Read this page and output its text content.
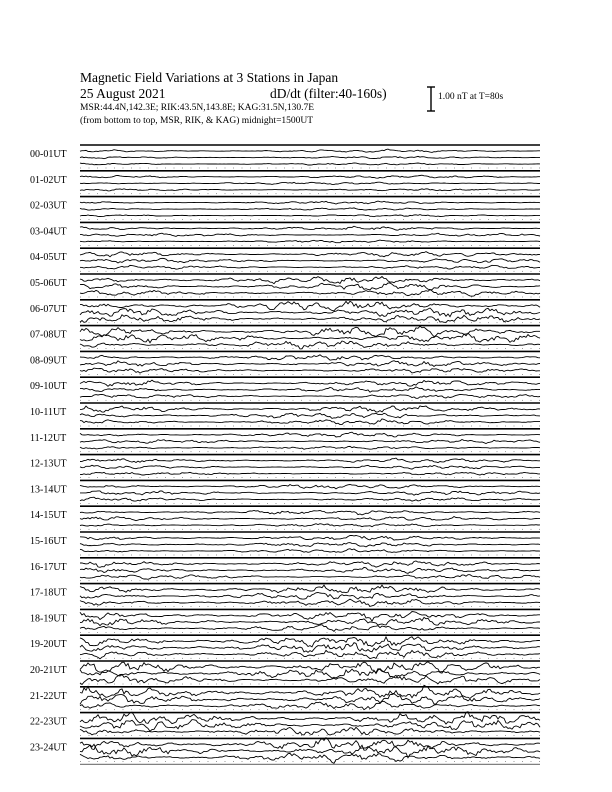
Magnetic Field Variations at 3 Stations in Japan
25 August 2021	dD/dt (filter:40-160s)
MSR:44.4N,142.3E; RIK:43.5N,143.8E; KAG:31.5N,130.7E
(from bottom to top, MSR, RIK, & KAG) midnight=1500UT
1.00 nT at T=80s
00-01UT
01-02UT
02-03UT
03-04UT
04-05UT
05-06UT
06-07UT
07-08UT
08-09UT
09-10UT
10-11UT
11-12UT
12-13UT
13-14UT
14-15UT
15-16UT
16-17UT
17-18UT
18-19UT
19-20UT
20-21UT
21-22UT
22-23UT
23-24UT
